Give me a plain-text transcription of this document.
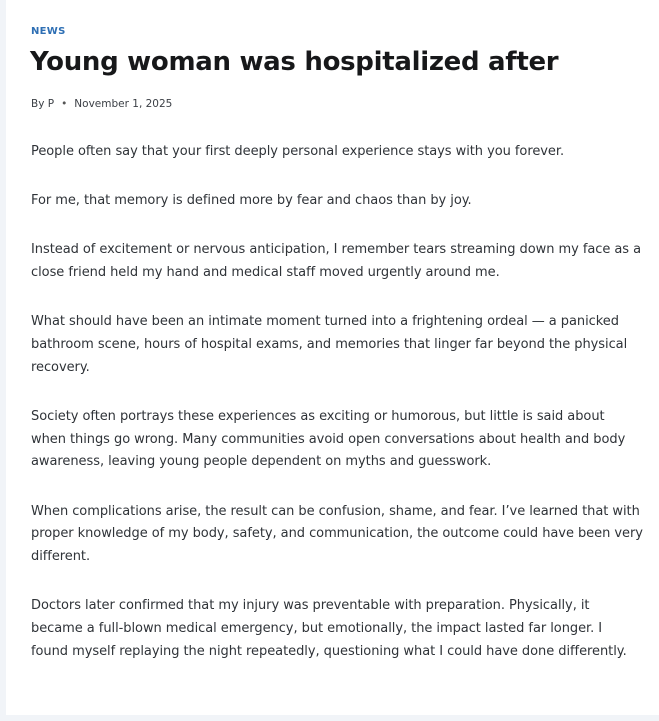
NEWS
Young woman was hospitalized after
By P • November 1, 2025

People often say that your first deeply personal experience stays with you forever.

For me, that memory is defined more by fear and chaos than by joy.

Instead of excitement or nervous anticipation, I remember tears streaming down my face as a close friend held my hand and medical staff moved urgently around me.

What should have been an intimate moment turned into a frightening ordeal — a panicked bathroom scene, hours of hospital exams, and memories that linger far beyond the physical recovery.

Society often portrays these experiences as exciting or humorous, but little is said about when things go wrong. Many communities avoid open conversations about health and body awareness, leaving young people dependent on myths and guesswork.

When complications arise, the result can be confusion, shame, and fear. I’ve learned that with proper knowledge of my body, safety, and communication, the outcome could have been very different.

Doctors later confirmed that my injury was preventable with preparation. Physically, it became a full-blown medical emergency, but emotionally, the impact lasted far longer. I found myself replaying the night repeatedly, questioning what I could have done differently.
